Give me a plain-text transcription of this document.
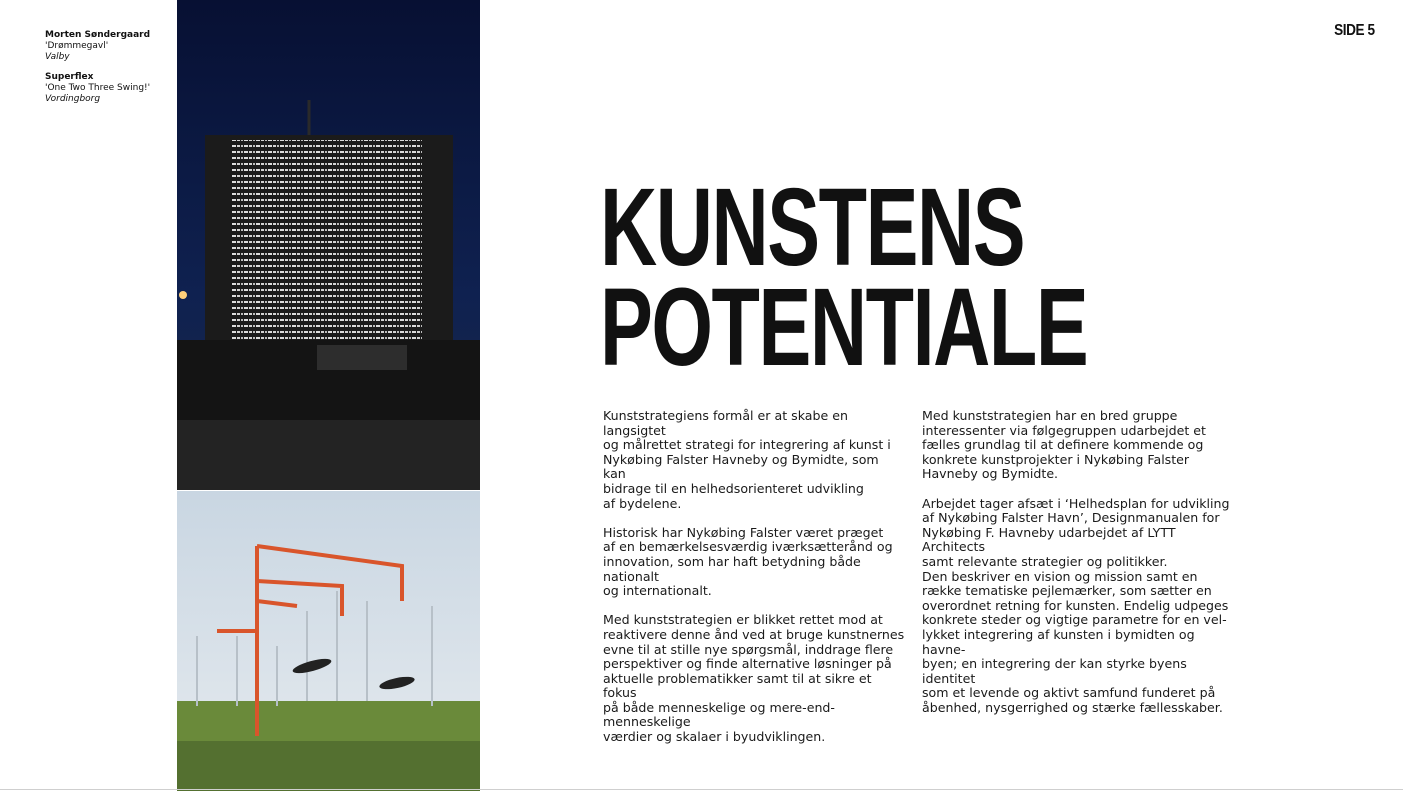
Morten Søndergaard
'Drømmegavl'
Valby
Superflex
'One Two Three Swing!'
Vordingborg
SIDE 5
KUNSTENS
POTENTIALE

Kunststrategiens formål er at skabe en langsigtet
og målrettet strategi for integrering af kunst i
Nykøbing Falster Havneby og Bymidte, som kan
bidrage til en helhedsorienteret udvikling
af bydelene.

Historisk har Nykøbing Falster været præget
af en bemærkelsesværdig iværksætterånd og
innovation, som har haft betydning både nationalt
og internationalt.

Med kunststrategien er blikket rettet mod at
reaktivere denne ånd ved at bruge kunstnernes
evne til at stille nye spørgsmål, inddrage flere
perspektiver og finde alternative løsninger på
aktuelle problematikker samt til at sikre et fokus
på både menneskelige og mere-end-menneskelige
værdier og skalaer i byudviklingen.

Med kunststrategien har en bred gruppe
interessenter via følgegruppen udarbejdet et
fælles grundlag til at definere kommende og
konkrete kunstprojekter i Nykøbing Falster
Havneby og Bymidte.

Arbejdet tager afsæt i ‘Helhedsplan for udvikling
af Nykøbing Falster Havn’, Designmanualen for
Nykøbing F. Havneby udarbejdet af LYTT Architects
samt relevante strategier og politikker.
Den beskriver en vision og mission samt en
række tematiske pejlemærker, som sætter en
overordnet retning for kunsten. Endelig udpeges
konkrete steder og vigtige parametre for en vel-
lykket integrering af kunsten i bymidten og havne-
byen; en integrering der kan styrke byens identitet
som et levende og aktivt samfund funderet på
åbenhed, nysgerrighed og stærke fællesskaber.
